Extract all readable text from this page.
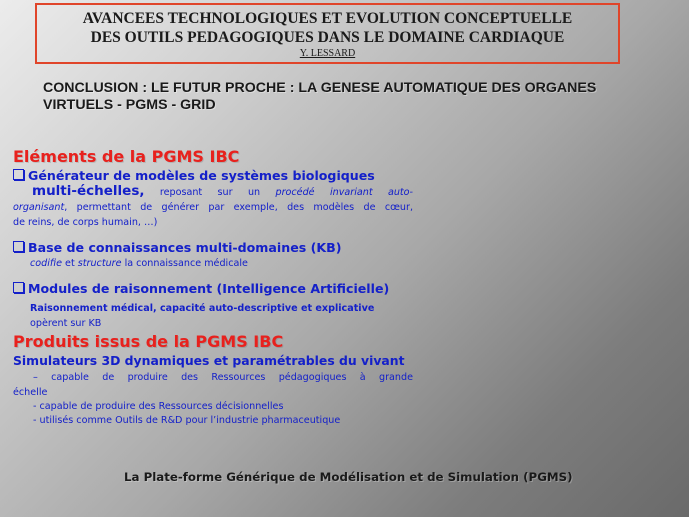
AVANCEES TECHNOLOGIQUES ET EVOLUTION CONCEPTUELLE
DES OUTILS PEDAGOGIQUES DANS LE DOMAINE CARDIAQUE
Y. LESSARD
CONCLUSION : LE FUTUR PROCHE : LA GENESE AUTOMATIQUE DES ORGANES
VIRTUELS - PGMS - GRID
Eléments de la PGMS IBC
Générateur de modèles de systèmes biologiques
multi-échelles, reposant sur un procédé invariant auto-
organisant, permettant de générer par exemple, des modèles de cœur,
de reins, de corps humain, …)
Base de connaissances multi-domaines (KB)
codifie et structure la connaissance médicale
Modules de raisonnement (Intelligence Artificielle)
Raisonnement médical, capacité auto-descriptive et explicative
opèrent sur KB
Produits issus de la PGMS IBC
Simulateurs 3D dynamiques et paramétrables du vivant
– capable de produire des Ressources pédagogiques à grande
échelle
- capable de produire des Ressources décisionnelles
- utilisés comme Outils de R&D pour l’industrie pharmaceutique
La Plate-forme Générique de Modélisation et de Simulation (PGMS)
